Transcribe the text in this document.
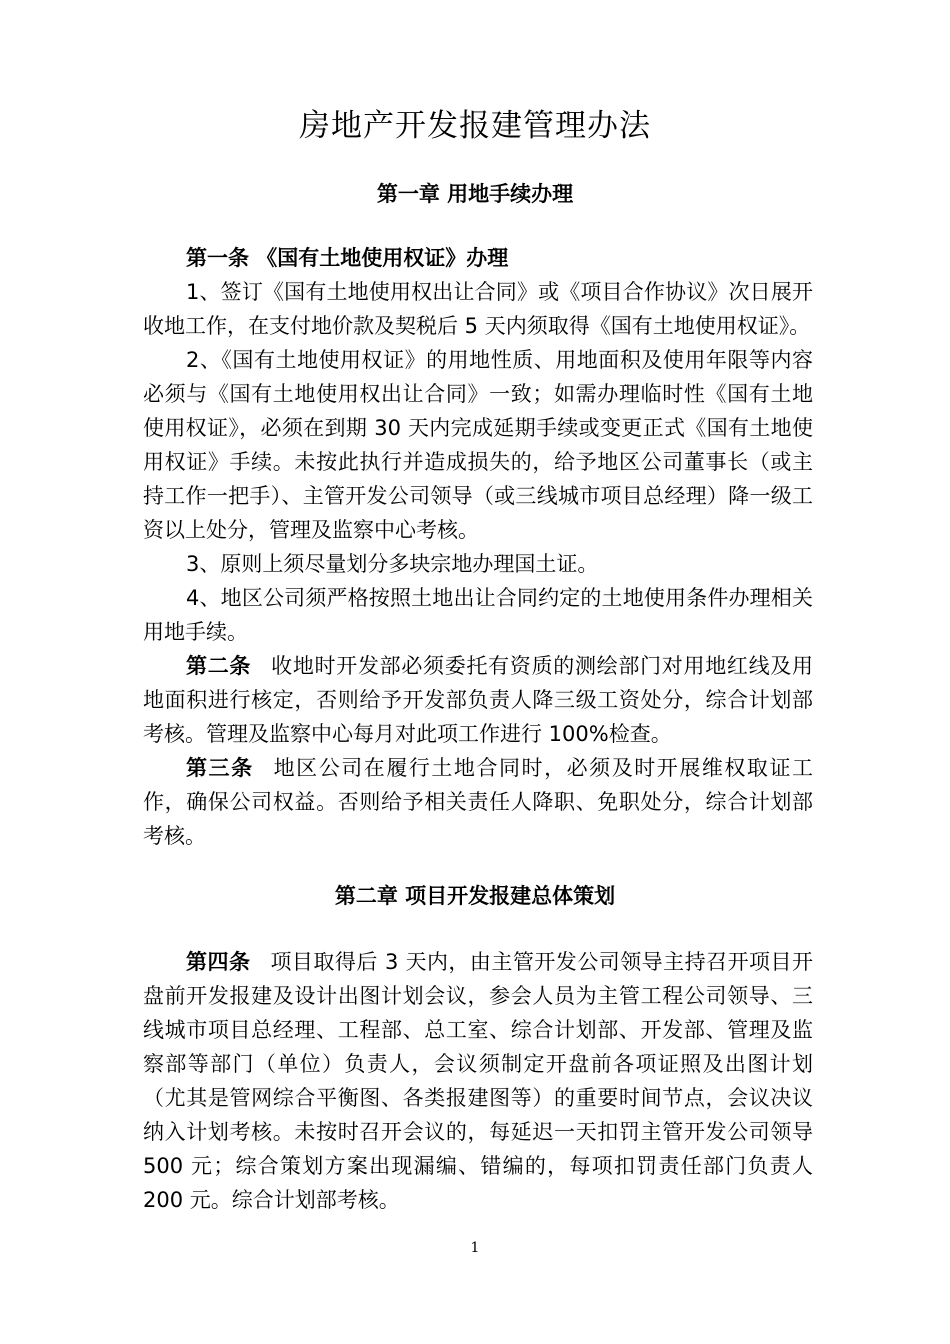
房地产开发报建管理办法
第一章 用地手续办理

第一条 《国有土地使用权证》办理

1、签订《国有土地使用权出让合同》或《项目合作协议》次日展开收地工作，在支付地价款及契税后 5 天内须取得《国有土地使用权证》。

2、《国有土地使用权证》的用地性质、用地面积及使用年限等内容必须与《国有土地使用权出让合同》一致；如需办理临时性《国有土地使用权证》，必须在到期 30 天内完成延期手续或变更正式《国有土地使用权证》手续。未按此执行并造成损失的，给予地区公司董事长（或主持工作一把手）、主管开发公司领导（或三线城市项目总经理）降一级工资以上处分，管理及监察中心考核。

3、原则上须尽量划分多块宗地办理国土证。

4、地区公司须严格按照土地出让合同约定的土地使用条件办理相关用地手续。

第二条 收地时开发部必须委托有资质的测绘部门对用地红线及用地面积进行核定，否则给予开发部负责人降三级工资处分，综合计划部考核。管理及监察中心每月对此项工作进行 100%检查。

第三条 地区公司在履行土地合同时，必须及时开展维权取证工作，确保公司权益。否则给予相关责任人降职、免职处分，综合计划部考核。

第二章 项目开发报建总体策划

第四条 项目取得后 3 天内，由主管开发公司领导主持召开项目开盘前开发报建及设计出图计划会议，参会人员为主管工程公司领导、三线城市项目总经理、工程部、总工室、综合计划部、开发部、管理及监察部等部门（单位）负责人，会议须制定开盘前各项证照及出图计划（尤其是管网综合平衡图、各类报建图等）的重要时间节点，会议决议纳入计划考核。未按时召开会议的，每延迟一天扣罚主管开发公司领导 500 元；综合策划方案出现漏编、错编的，每项扣罚责任部门负责人 200 元。综合计划部考核。

1
